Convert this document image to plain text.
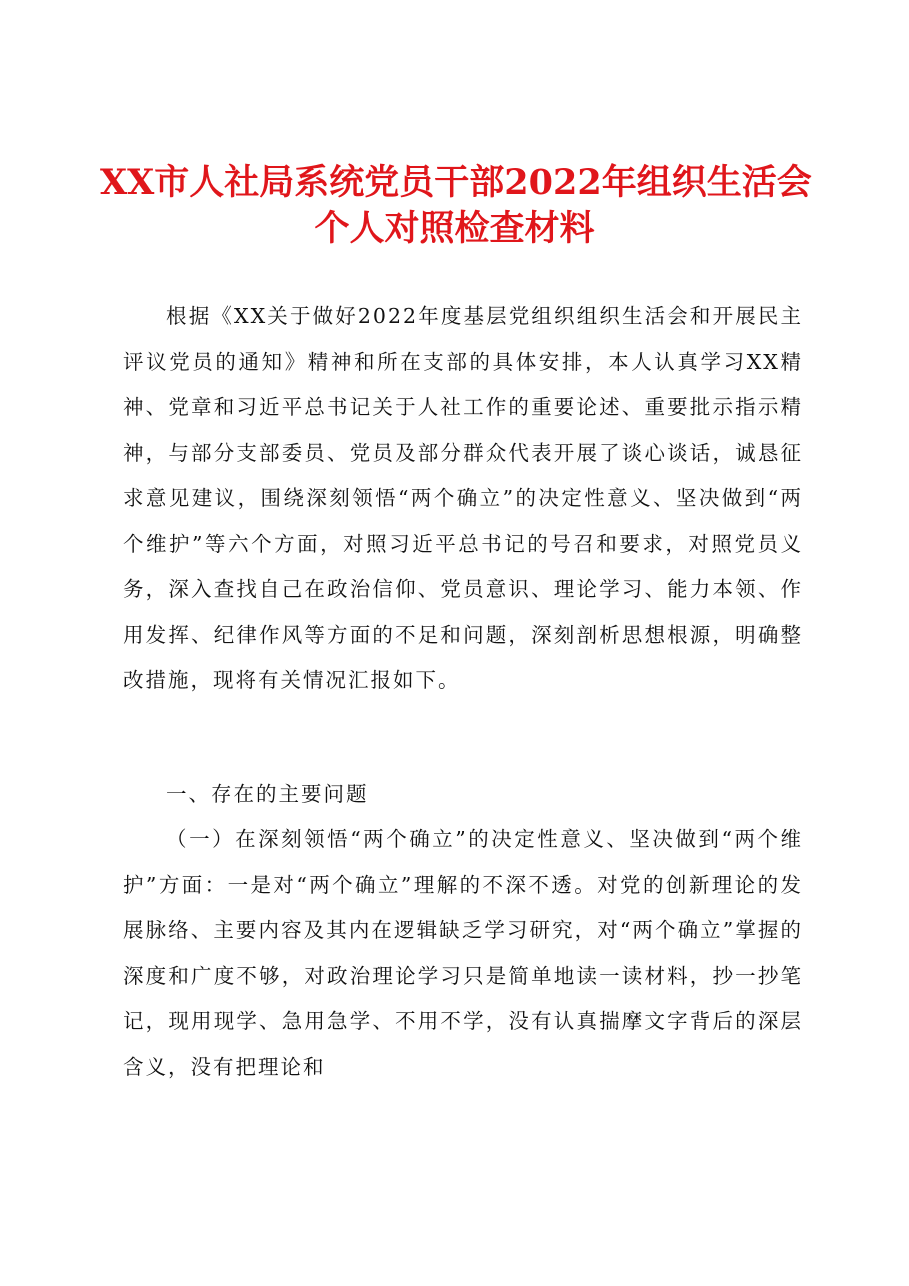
XX市人社局系统党员干部2022年组织生活会
个人对照检查材料
根据《XX关于做好2022年度基层党组织组织生活会和开展民主评议党员的通知》精神和所在支部的具体安排，本人认真学习XX精神、党章和习近平总书记关于人社工作的重要论述、重要批示指示精神，与部分支部委员、党员及部分群众代表开展了谈心谈话，诚恳征求意见建议，围绕深刻领悟“两个确立”的决定性意义、坚决做到“两个维护”等六个方面，对照习近平总书记的号召和要求，对照党员义务，深入查找自己在政治信仰、党员意识、理论学习、能力本领、作用发挥、纪律作风等方面的不足和问题，深刻剖析思想根源，明确整改措施，现将有关情况汇报如下。
一、存在的主要问题
（一）在深刻领悟“两个确立”的决定性意义、坚决做到“两个维护”方面：一是对“两个确立”理解的不深不透。对党的创新理论的发展脉络、主要内容及其内在逻辑缺乏学习研究，对“两个确立”掌握的深度和广度不够，对政治理论学习只是简单地读一读材料，抄一抄笔记，现用现学、急用急学、不用不学，没有认真揣摩文字背后的深层含义，没有把理论和
